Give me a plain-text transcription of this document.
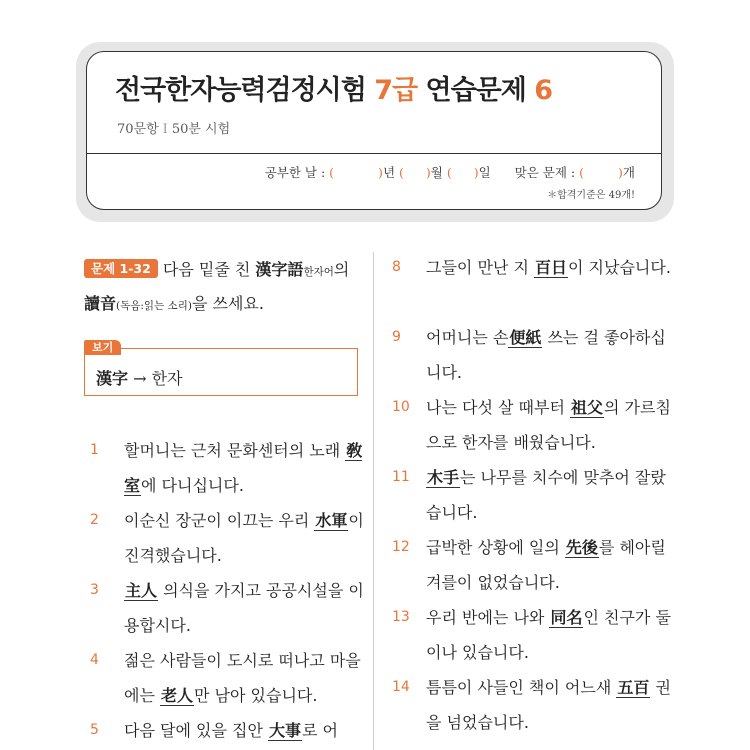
전국한자능력검정시험 7급 연습문제 6
70문항 I 50분 시험
공부한 날 : (	)년 ( )월 ( )일 맞은 문제 : (	)개
＊합격기준은 49개!
문제 1-32 다음 밑줄 친 漢字語한자어의 讀音(독음:읽는 소리)을 쓰세요.
보기
漢字 → 한자
1 할머니는 근처 문화센터의 노래 敎室에 다니십니다.
2 이순신 장군이 이끄는 우리 水軍이 진격했습니다.
3 主人 의식을 가지고 공공시설을 이용합시다.
4 젊은 사람들이 도시로 떠나고 마을에는 老人만 남아 있습니다.
5 다음 달에 있을 집안 大事로 어
8 그들이 만난 지 百日이 지났습니다.
9 어머니는 손便紙 쓰는 걸 좋아하십니다.
10 나는 다섯 살 때부터 祖父의 가르침으로 한자를 배웠습니다.
11 木手는 나무를 치수에 맞추어 잘랐습니다.
12 급박한 상황에 일의 先後를 헤아릴 겨를이 없었습니다.
13 우리 반에는 나와 同名인 친구가 둘이나 있습니다.
14 틈틈이 사들인 책이 어느새 五百 권을 넘었습니다.
